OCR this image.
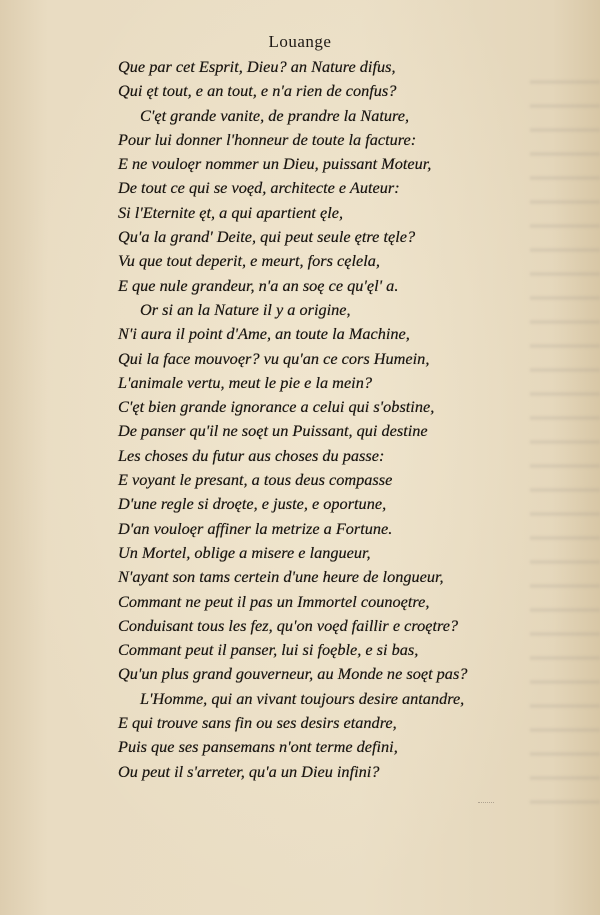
Louange
Que par cet Esprit, Dieu? an Nature difus,
Qui ęt tout, e an tout, e n'a rien de confus?
C'ęt grande vanite, de prandre la Nature,
Pour lui donner l'honneur de toute la facture:
E ne vouloęr nommer un Dieu, puissant Moteur,
De tout ce qui se voęd, architecte e Auteur:
Si l'Eternite ęt, a qui apartient ęle,
Qu'a la grand' Deite, qui peut seule ętre tęle?
Vu que tout deperit, e meurt, fors cęlela,
E que nule grandeur, n'a an soę ce qu'ęl' a.
Or si an la Nature il y a origine,
N'i aura il point d'Ame, an toute la Machine,
Qui la face mouvoęr? vu qu'an ce cors Humein,
L'animale vertu, meut le pie e la mein?
C'ęt bien grande ignorance a celui qui s'obstine,
De panser qu'il ne soęt un Puissant, qui destine
Les choses du futur aus choses du passe:
E voyant le presant, a tous deus compasse
D'une regle si droęte, e juste, e oportune,
D'an vouloęr affiner la metrize a Fortune.
Un Mortel, oblige a misere e langueur,
N'ayant son tams certein d'une heure de longueur,
Commant ne peut il pas un Immortel counoętre,
Conduisant tous les fez, qu'on voęd faillir e croętre?
Commant peut il panser, lui si foęble, e si bas,
Qu'un plus grand gouverneur, au Monde ne soęt pas?
L'Homme, qui an vivant toujours desire antandre,
E qui trouve sans fin ou ses desirs etandre,
Puis que ses pansemans n'ont terme defini,
Ou peut il s'arreter, qu'a un Dieu infini?
